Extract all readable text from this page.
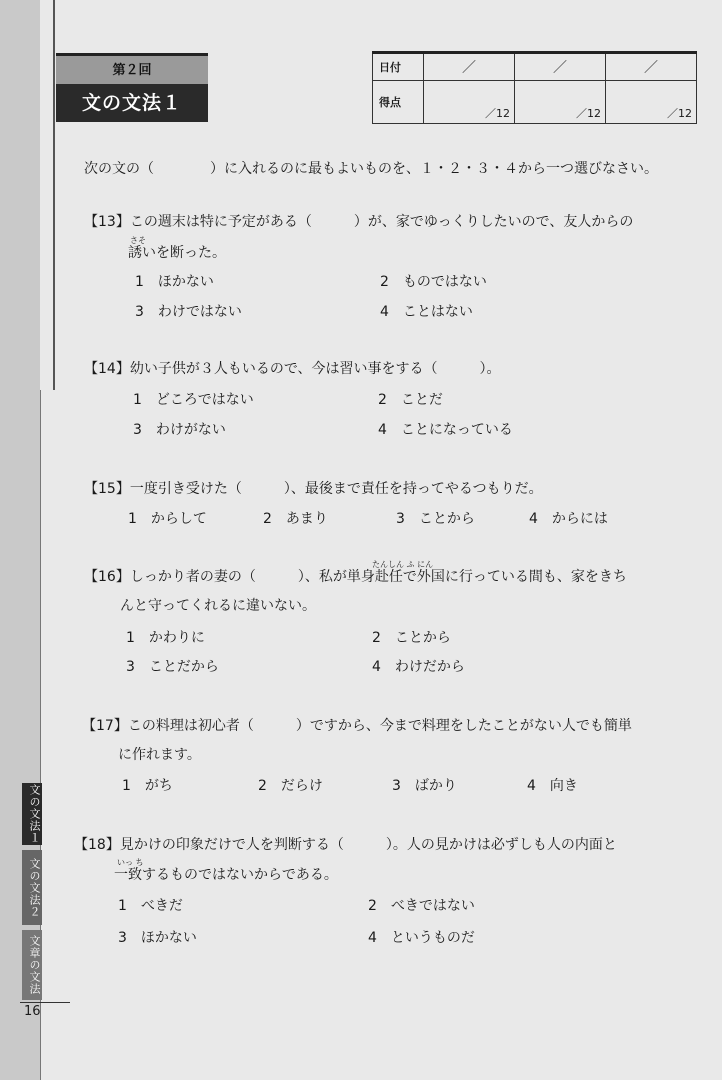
第２回
文の文法１
日付	／	／	／
得点	／12	／12	／12
次の文の（　　　　）に入れるのに最もよいものを、１・２・３・４から一つ選びなさい。
【13】この週末は特に予定がある（　　　）が、家でゆっくりしたいので、友人からの
さそ
誘いを断った。
1　ほかない	2　ものではない
3　わけではない	4　ことはない
【14】幼い子供が３人もいるので、今は習い事をする（　　　）。
1　どころではない	2　ことだ
3　わけがない	4　ことになっている
【15】一度引き受けた（　　　）、最後まで責任を持ってやるつもりだ。
1　からして	2　あまり	3　ことから	4　からには
たんしん ふ にん
【16】しっかり者の妻の（　　　）、私が単身赴任で外国に行っている間も、家をきち
んと守ってくれるに違いない。
1　かわりに	2　ことから
3　ことだから	4　わけだから
【17】この料理は初心者（　　　）ですから、今まで料理をしたことがない人でも簡単
に作れます。
1　がち	2　だらけ	3　ばかり	4　向き
【18】見かけの印象だけで人を判断する（　　　）。人の見かけは必ずしも人の内面と
いっ ち
一致するものではないからである。
1　べきだ	2　べきではない
3　ほかない	4　というものだ
文の文法１
文の文法２
文章の文法
16
